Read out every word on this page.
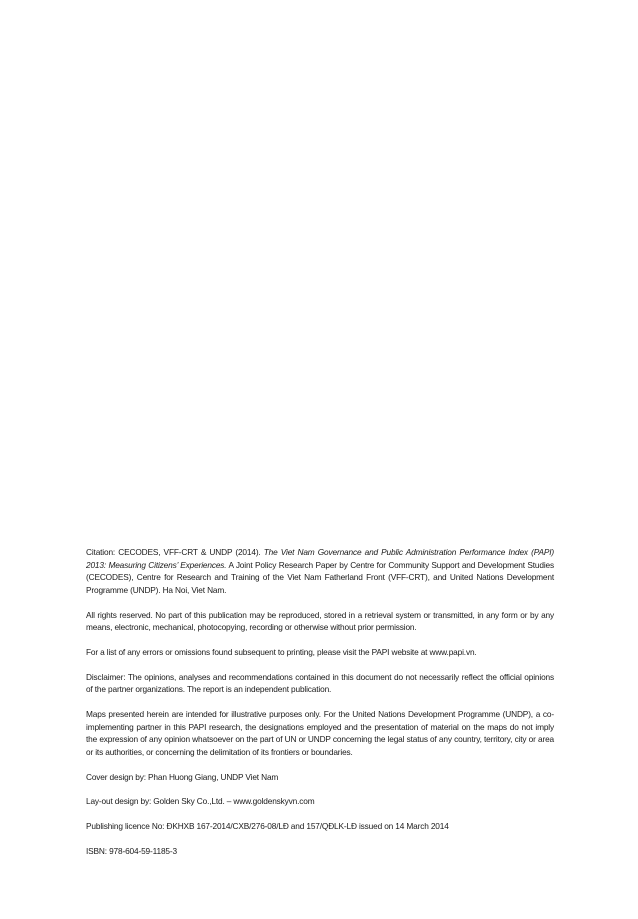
Citation: CECODES, VFF-CRT & UNDP (2014). The Viet Nam Governance and Public Administration Performance Index (PAPI) 2013: Measuring Citizens’ Experiences. A Joint Policy Research Paper by Centre for Community Support and Development Studies (CECODES), Centre for Research and Training of the Viet Nam Fatherland Front (VFF-CRT), and United Nations Development Programme (UNDP). Ha Noi, Viet Nam.

All rights reserved. No part of this publication may be reproduced, stored in a retrieval system or transmitted, in any form or by any means, electronic, mechanical, photocopying, recording or otherwise without prior permission.

For a list of any errors or omissions found subsequent to printing, please visit the PAPI website at www.papi.vn.

Disclaimer: The opinions, analyses and recommendations contained in this document do not necessarily reflect the official opinions of the partner organizations. The report is an independent publication.

Maps presented herein are intended for illustrative purposes only. For the United Nations Development Programme (UNDP), a co-implementing partner in this PAPI research, the designations employed and the presentation of material on the maps do not imply the expression of any opinion whatsoever on the part of UN or UNDP concerning the legal status of any country, territory, city or area or its authorities, or concerning the delimitation of its frontiers or boundaries.

Cover design by: Phan Huong Giang, UNDP Viet Nam

Lay-out design by: Golden Sky Co.,Ltd. – www.goldenskyvn.com

Publishing licence No: ĐKHXB 167-2014/CXB/276-08/LĐ and 157/QĐLK-LĐ issued on 14 March 2014

ISBN: 978-604-59-1185-3
